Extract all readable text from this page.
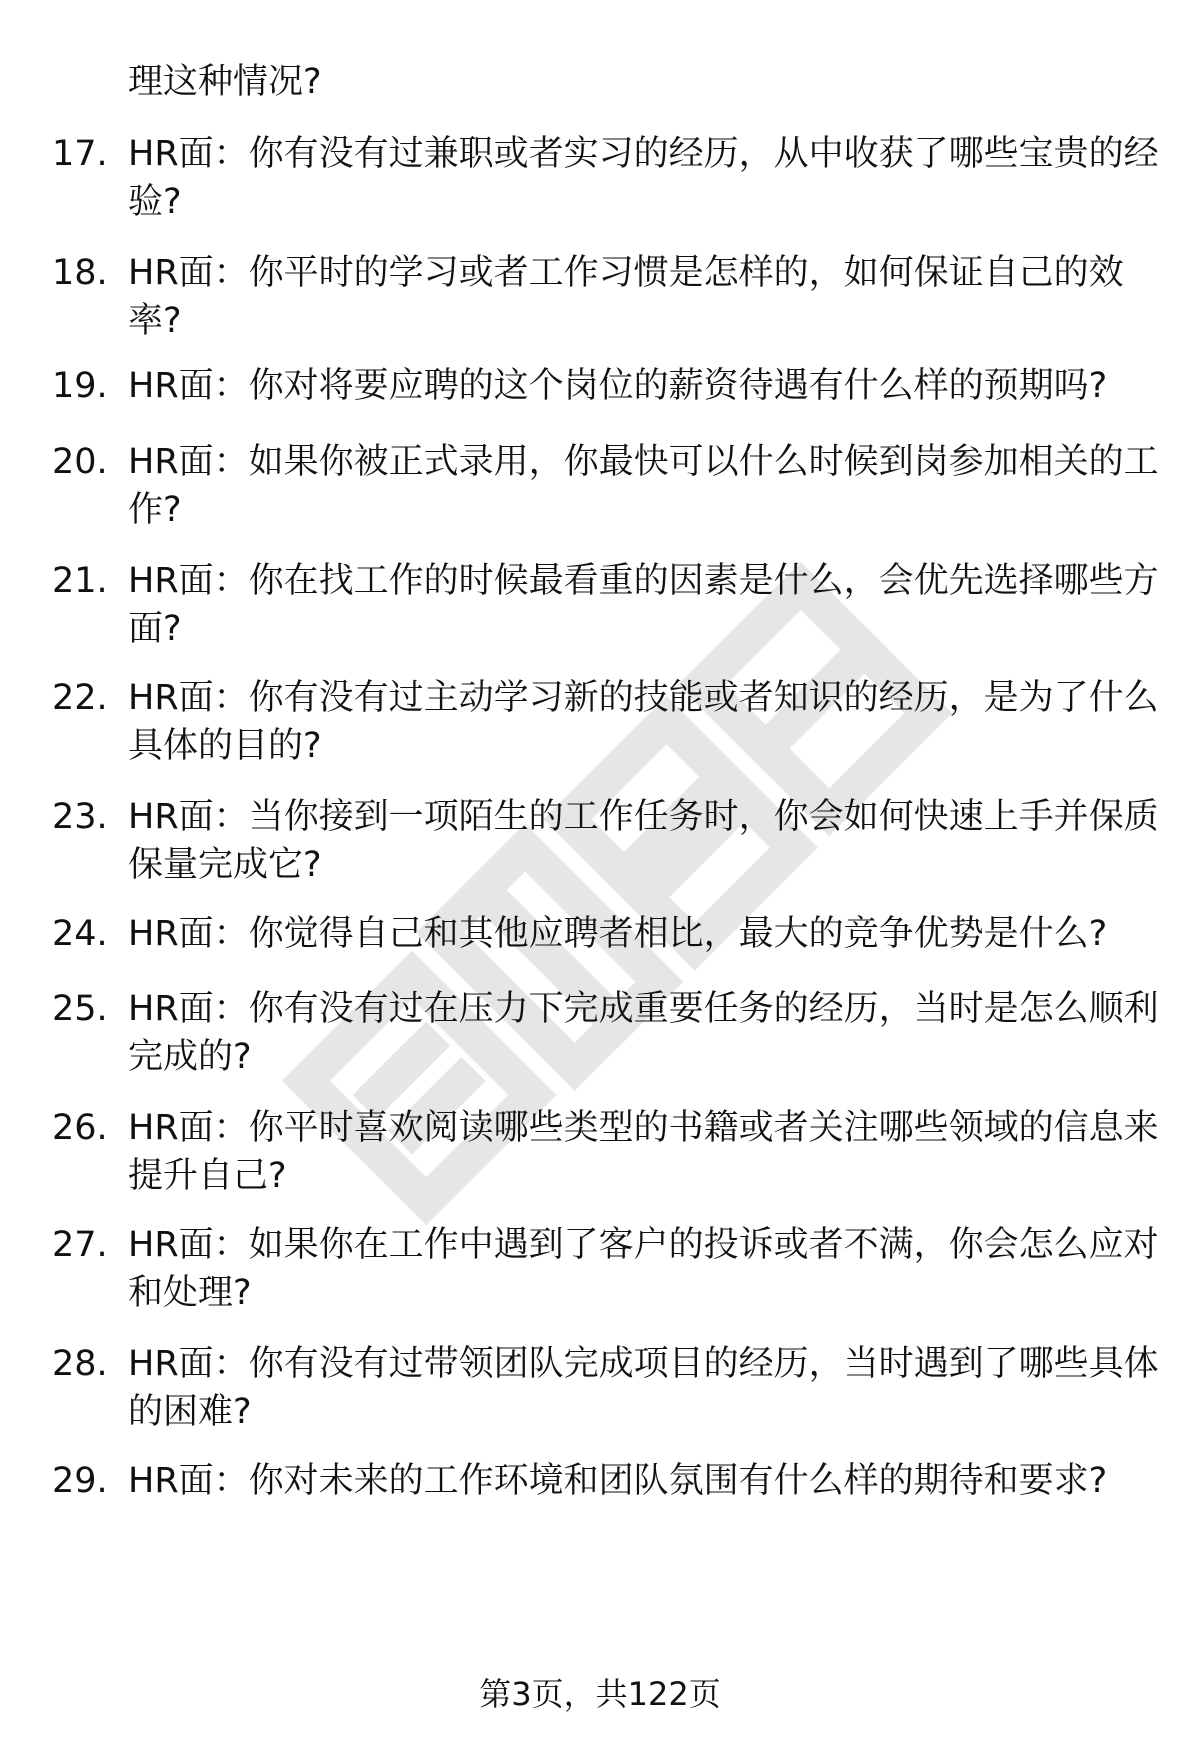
理这种情况?
17. HR面：你有没有过兼职或者实习的经历，从中收获了哪些宝贵的经验?
18. HR面：你平时的学习或者工作习惯是怎样的，如何保证自己的效率?
19. HR面：你对将要应聘的这个岗位的薪资待遇有什么样的预期吗?
20. HR面：如果你被正式录用，你最快可以什么时候到岗参加相关的工作?
21. HR面：你在找工作的时候最看重的因素是什么，会优先选择哪些方面?
22. HR面：你有没有过主动学习新的技能或者知识的经历，是为了什么具体的目的?
23. HR面：当你接到一项陌生的工作任务时，你会如何快速上手并保质保量完成它?
24. HR面：你觉得自己和其他应聘者相比，最大的竞争优势是什么?
25. HR面：你有没有过在压力下完成重要任务的经历，当时是怎么顺利完成的?
26. HR面：你平时喜欢阅读哪些类型的书籍或者关注哪些领域的信息来提升自己?
27. HR面：如果你在工作中遇到了客户的投诉或者不满，你会怎么应对和处理?
28. HR面：你有没有过带领团队完成项目的经历，当时遇到了哪些具体的困难?
29. HR面：你对未来的工作环境和团队氛围有什么样的期待和要求?
第3页，共122页
